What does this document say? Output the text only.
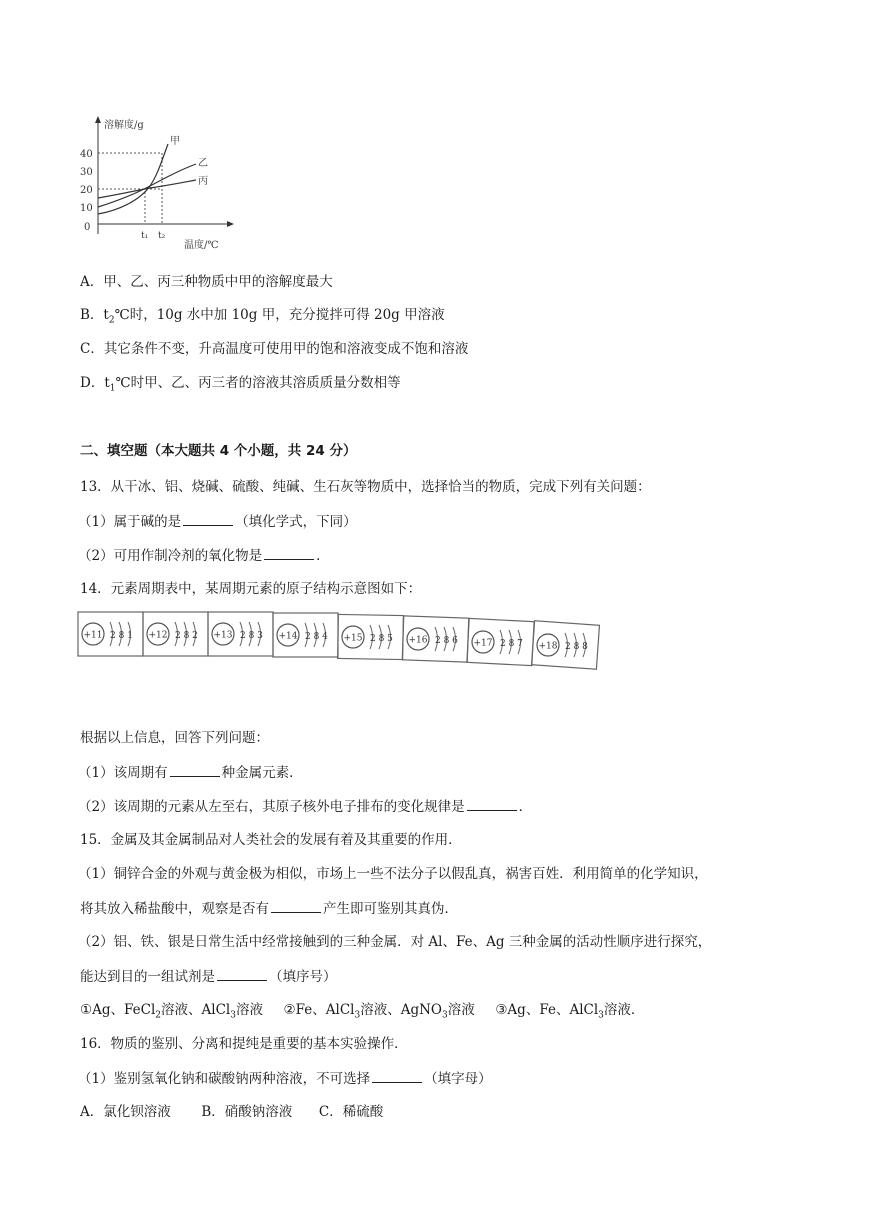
溶解度/g
温度/℃
40
30
20
10
0
t₁ t₂
甲
乙
丙
A．甲、乙、丙三种物质中甲的溶解度最大
B．$t_2℃$时，10g 水中加 10g 甲，充分搅拌可得 20g 甲溶液
C．其它条件不变，升高温度可使用甲的饱和溶液变成不饱和溶液
D．$t_1℃$时甲、乙、丙三者的溶液其溶质质量分数相等
二、填空题（本大题共 4 个小题，共 24 分）
13．从干冰、铝、烧碱、硫酸、纯碱、生石灰等物质中，选择恰当的物质，完成下列有关问题：
（1）属于碱的是	（填化学式，下同）
（2）可用作制冷剂的氧化物是	．
14．元素周期表中，某周期元素的原子结构示意图如下：
+11 2 8 1 +12 2 8 2 +13 2 8 3 +14 2 8 4 +15 2 8 5 +16 2 8 6 +17 2 8 7 +18 2 8 8
根据以上信息，回答下列问题：
（1）该周期有	种金属元素．
（2）该周期的元素从左至右，其原子核外电子排布的变化规律是	．
15．金属及其金属制品对人类社会的发展有着及其重要的作用．
（1）铜锌合金的外观与黄金极为相似，市场上一些不法分子以假乱真，祸害百姓．利用简单的化学知识，
将其放入稀盐酸中，观察是否有	产生即可鉴别其真伪．
（2）铝、铁、银是日常生活中经常接触到的三种金属．对 Al、Fe、Ag 三种金属的活动性顺序进行探究，
能达到目的一组试剂是	（填序号）
①Ag、FeCl$_2$溶液、AlCl$_3$溶液 ②Fe、AlCl$_3$溶液、AgNO$_3$溶液 ③Ag、Fe、AlCl$_3$溶液．
16．物质的鉴别、分离和提纯是重要的基本实验操作．
（1）鉴别氢氧化钠和碳酸钠两种溶液，不可选择	（填字母）
A．氯化钡溶液 B．硝酸钠溶液 C．稀硫酸
